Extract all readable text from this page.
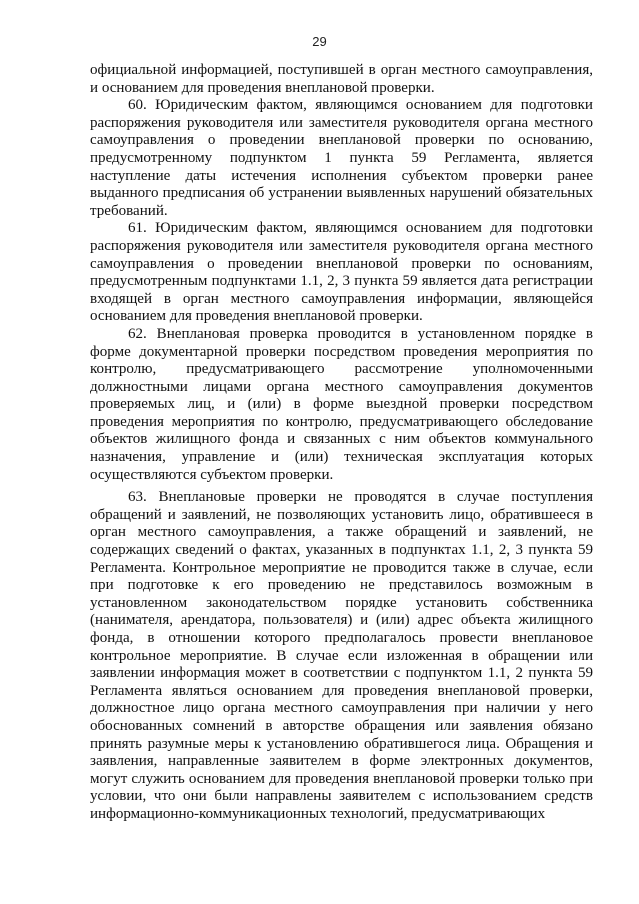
29

официальной информацией, поступившей в орган местного самоуправления, и основанием для проведения внеплановой проверки.

60. Юридическим фактом, являющимся основанием для подготовки распоряжения руководителя или заместителя руководителя органа местного самоуправления о проведении внеплановой проверки по основанию, предусмотренному подпунктом 1 пункта 59 Регламента, является наступление даты истечения исполнения субъектом проверки ранее выданного предписания об устранении выявленных нарушений обязательных требований.

61. Юридическим фактом, являющимся основанием для подготовки распоряжения руководителя или заместителя руководителя органа местного самоуправления о проведении внеплановой проверки по основаниям, предусмотренным подпунктами 1.1, 2, 3 пункта 59 является дата регистрации входящей в орган местного самоуправления информации, являющейся основанием для проведения внеплановой проверки.

62. Внеплановая проверка проводится в установленном порядке в форме документарной проверки посредством проведения мероприятия по контролю, предусматривающего рассмотрение уполномоченными должностными лицами органа местного самоуправления документов проверяемых лиц, и (или) в форме выездной проверки посредством проведения мероприятия по контролю, предусматривающего обследование объектов жилищного фонда и связанных с ним объектов коммунального назначения, управление и (или) техническая эксплуатация которых осуществляются субъектом проверки.

63. Внеплановые проверки не проводятся в случае поступления обращений и заявлений, не позволяющих установить лицо, обратившееся в орган местного самоуправления, а также обращений и заявлений, не содержащих сведений о фактах, указанных в подпунктах 1.1, 2, 3 пункта 59 Регламента. Контрольное мероприятие не проводится также в случае, если при подготовке к его проведению не представилось возможным в установленном законодательством порядке установить собственника (нанимателя, арендатора, пользователя) и (или) адрес объекта жилищного фонда, в отношении которого предполагалось провести внеплановое контрольное мероприятие. В случае если изложенная в обращении или заявлении информация может в соответствии с подпунктом 1.1, 2 пункта 59 Регламента являться основанием для проведения внеплановой проверки, должностное лицо органа местного самоуправления при наличии у него обоснованных сомнений в авторстве обращения или заявления обязано принять разумные меры к установлению обратившегося лица. Обращения и заявления, направленные заявителем в форме электронных документов, могут служить основанием для проведения внеплановой проверки только при условии, что они были направлены заявителем с использованием средств информационно-коммуникационных технологий, предусматривающих
